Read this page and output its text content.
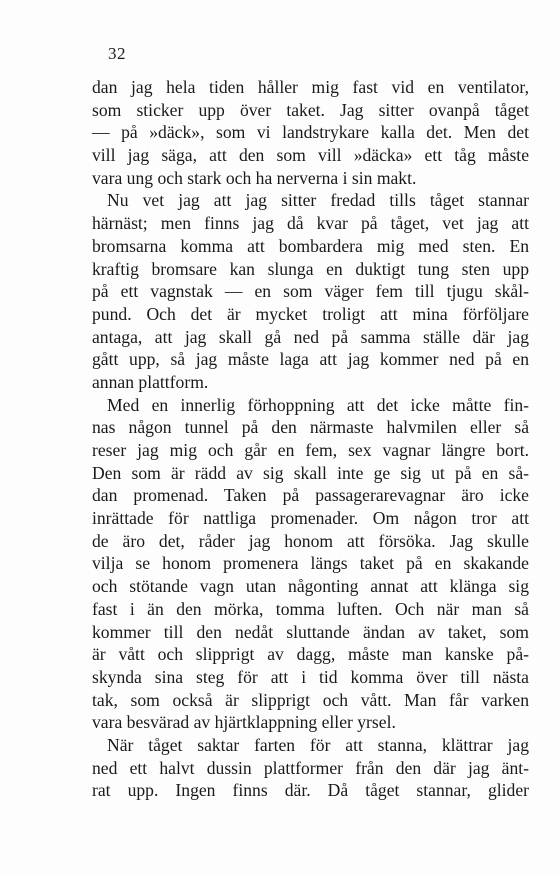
32
dan jag hela tiden håller mig fast vid en ventilator,
som sticker upp över taket. Jag sitter ovanpå tåget
— på »däck», som vi landstrykare kalla det. Men det
vill jag säga, att den som vill »däcka» ett tåg måste
vara ung och stark och ha nerverna i sin makt.
Nu vet jag att jag sitter fredad tills tåget stannar
härnäst; men finns jag då kvar på tåget, vet jag att
bromsarna komma att bombardera mig med sten. En
kraftig bromsare kan slunga en duktigt tung sten upp
på ett vagnstak — en som väger fem till tjugu skål-
pund. Och det är mycket troligt att mina förföljare
antaga, att jag skall gå ned på samma ställe där jag
gått upp, så jag måste laga att jag kommer ned på en
annan plattform.
Med en innerlig förhoppning att det icke måtte fin-
nas någon tunnel på den närmaste halvmilen eller så
reser jag mig och går en fem, sex vagnar längre bort.
Den som är rädd av sig skall inte ge sig ut på en så-
dan promenad. Taken på passagerarevagnar äro icke
inrättade för nattliga promenader. Om någon tror att
de äro det, råder jag honom att försöka. Jag skulle
vilja se honom promenera längs taket på en skakande
och stötande vagn utan någonting annat att klänga sig
fast i än den mörka, tomma luften. Och när man så
kommer till den nedåt sluttande ändan av taket, som
är vått och slipprigt av dagg, måste man kanske på-
skynda sina steg för att i tid komma över till nästa
tak, som också är slipprigt och vått. Man får varken
vara besvärad av hjärtklappning eller yrsel.
När tåget saktar farten för att stanna, klättrar jag
ned ett halvt dussin plattformer från den där jag änt-
rat upp. Ingen finns där. Då tåget stannar, glider
